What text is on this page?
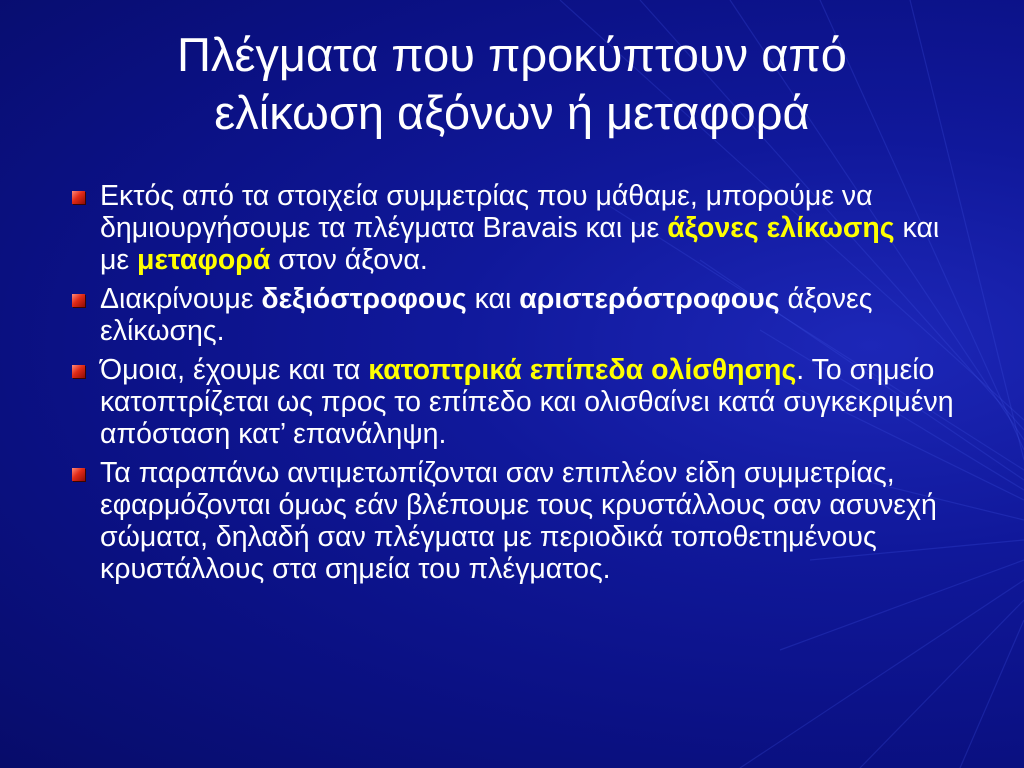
Πλέγματα που προκύπτουν από
ελίκωση αξόνων ή μεταφορά
Εκτός από τα στοιχεία συμμετρίας που μάθαμε, μπορούμε να δημιουργήσουμε τα πλέγματα Bravais και με άξονες ελίκωσης και με μεταφορά στον άξονα.
Διακρίνουμε δεξιόστροφους και αριστερόστροφους άξονες ελίκωσης.
Όμοια, έχουμε και τα κατοπτρικά επίπεδα ολίσθησης. Το σημείο κατοπτρίζεται ως προς το επίπεδο και ολισθαίνει κατά συγκεκριμένη απόσταση κατ’ επανάληψη.
Τα παραπάνω αντιμετωπίζονται σαν επιπλέον είδη συμμετρίας, εφαρμόζονται όμως εάν βλέπουμε τους κρυστάλλους σαν ασυνεχή σώματα, δηλαδή σαν πλέγματα με περιοδικά τοποθετημένους κρυστάλλους στα σημεία του πλέγματος.
